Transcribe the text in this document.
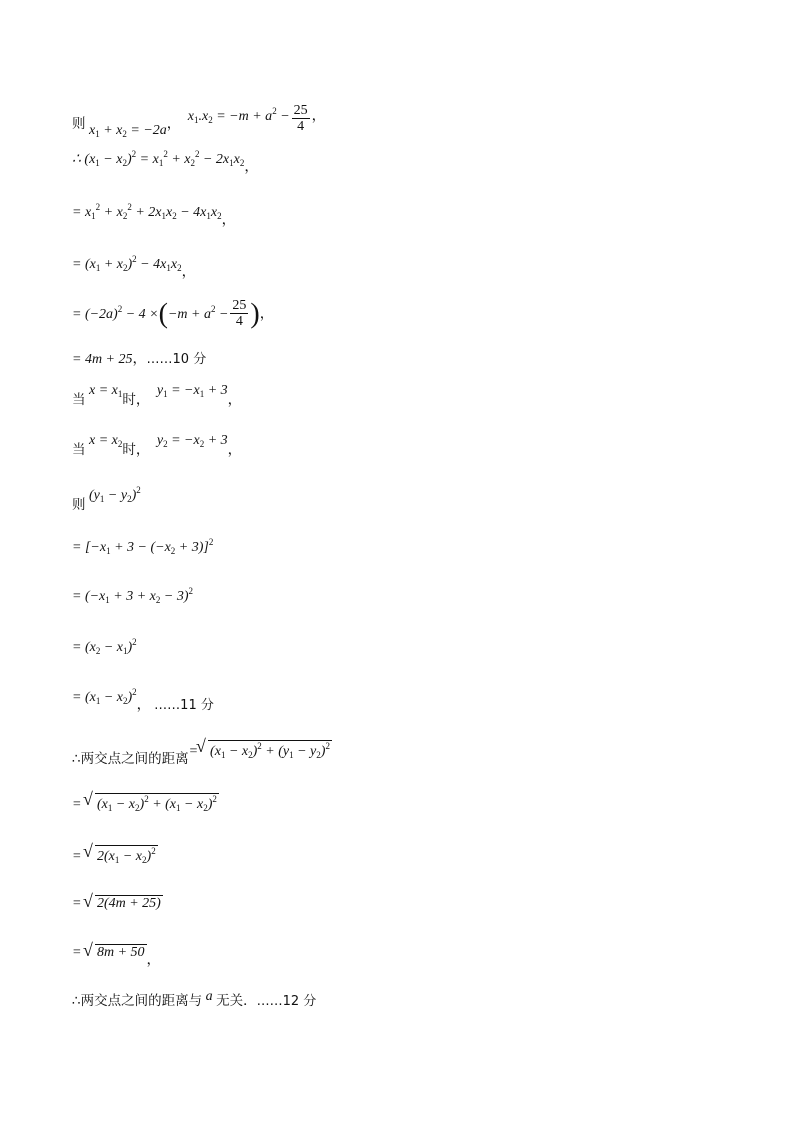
则 $x_1 + x_2 = -2a$，  $x_1.x_2 = -m + a^2 - \frac{25}{4}$ ，
∴ $(x_1 - x_2)^2 = x_1^2 + x_2^2 - 2x_1x_2$，
= $x_1^2 + x_2^2 + 2x_1x_2 - 4x_1x_2$，
= $(x_1 + x_2)^2 - 4x_1x_2$，
= $(-2a)^2 - 4 \times(-m + a^2 - \frac{25}{4}$ )，
= 4m + 25，……10 分
当 $x = x_1$时，  $y_1 = -x_1 + 3$，
当 $x = x_2$时，  $y_2 = -x_2 + 3$，
则 $(y_1 - y_2)^2$
= $[-x_1 + 3 - (-x_2 + 3)]^2$
= $(-x_1 + 3 + x_2 - 3)^2$
= $(x_2 - x_1)^2$
= $(x_1 - x_2)^2$， ……11 分
∴两交点之间的距离= √ $(x_1 - x_2)^2 + (y_1 - y_2)^2$
= √ $(x_1 - x_2)^2 + (x_1 - x_2)^2$
= √ $2(x_1 - x_2)^2$
= √ 2(4m + 25)
= √ 8m + 50，
∴两交点之间的距离与 a 无关．……12 分
